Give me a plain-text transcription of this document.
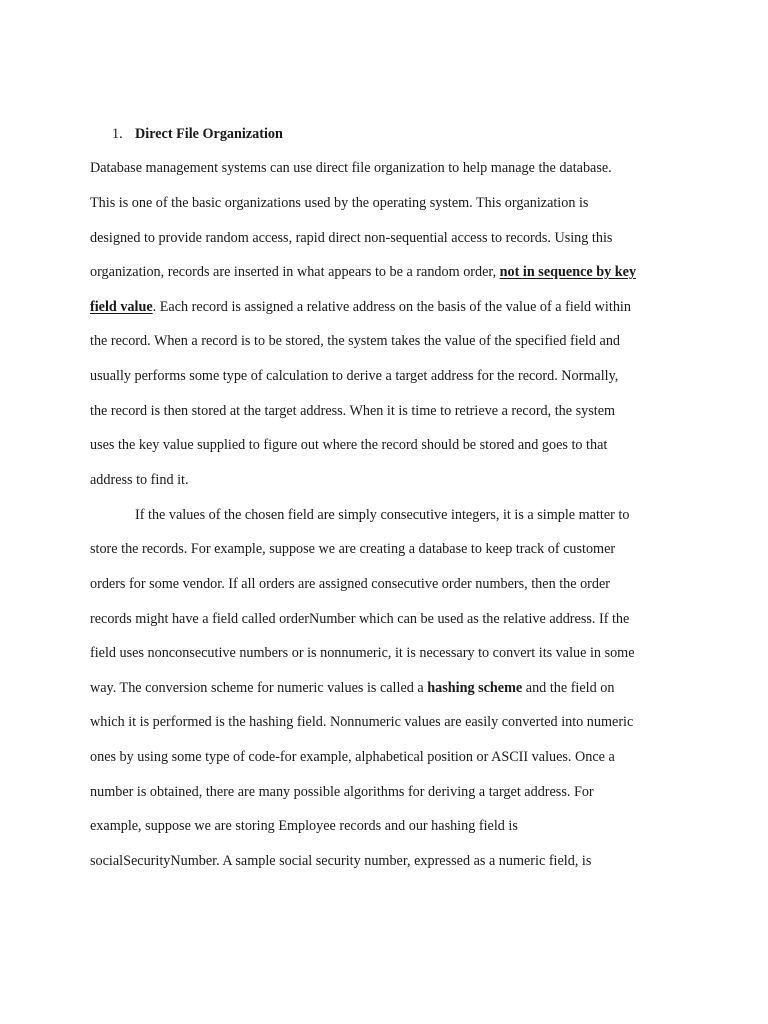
1. Direct File Organization
Database management systems can use direct file organization to help manage the database.
This is one of the basic organizations used by the operating system. This organization is
designed to provide random access, rapid direct non-sequential access to records. Using this
organization, records are inserted in what appears to be a random order, not in sequence by key
field value. Each record is assigned a relative address on the basis of the value of a field within
the record. When a record is to be stored, the system takes the value of the specified field and
usually performs some type of calculation to derive a target address for the record. Normally,
the record is then stored at the target address. When it is time to retrieve a record, the system
uses the key value supplied to figure out where the record should be stored and goes to that
address to find it.
If the values of the chosen field are simply consecutive integers, it is a simple matter to
store the records. For example, suppose we are creating a database to keep track of customer
orders for some vendor. If all orders are assigned consecutive order numbers, then the order
records might have a field called orderNumber which can be used as the relative address. If the
field uses nonconsecutive numbers or is nonnumeric, it is necessary to convert its value in some
way. The conversion scheme for numeric values is called a hashing scheme and the field on
which it is performed is the hashing field. Nonnumeric values are easily converted into numeric
ones by using some type of code-for example, alphabetical position or ASCII values. Once a
number is obtained, there are many possible algorithms for deriving a target address. For
example, suppose we are storing Employee records and our hashing field is
socialSecurityNumber. A sample social security number, expressed as a numeric field, is
